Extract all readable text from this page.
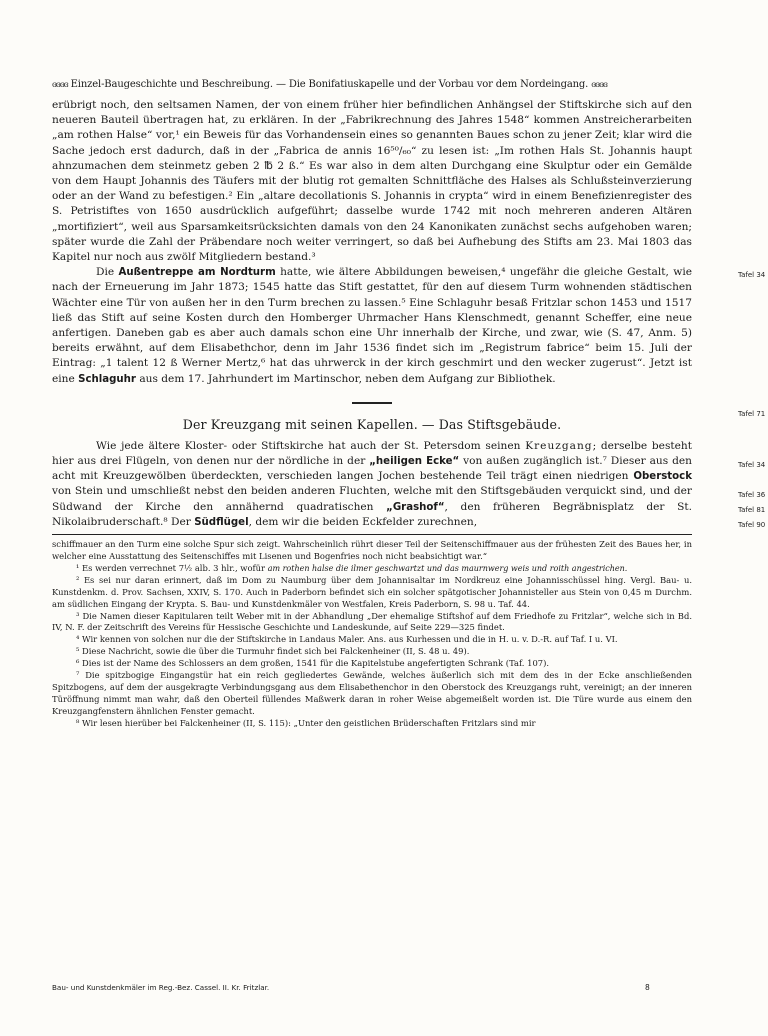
ɞɞɞɞ Einzel-Baugeschichte und Beschreibung. — Die Bonifatiuskapelle und der Vorbau vor dem Nordeingang. ɞɞɞɞ

erübrigt noch, den seltsamen Namen, der von einem früher hier befindlichen Anhängsel der Stiftskirche sich auf den neueren Bauteil übertragen hat, zu erklären. In der „Fabrikrechnung des Jahres 1548“ kommen Anstreicherarbeiten „am rothen Halse“ vor,¹ ein Beweis für das Vorhandensein eines so genannten Baues schon zu jener Zeit; klar wird die Sache jedoch erst dadurch, daß in der „Fabrica de annis 16⁵⁰/₆₀“ zu lesen ist: „Im rothen Hals St. Johannis haupt ahnzumachen dem steinmetz geben 2 ℔ 2 ß.“ Es war also in dem alten Durchgang eine Skulptur oder ein Gemälde von dem Haupt Johannis des Täufers mit der blutig rot gemalten Schnittfläche des Halses als Schlußsteinverzierung oder an der Wand zu befestigen.² Ein „altare decollationis S. Johannis in crypta“ wird in einem Benefizienregister des S. Petristiftes von 1650 ausdrücklich aufgeführt; dasselbe wurde 1742 mit noch mehreren anderen Altären „mortifiziert“, weil aus Sparsamkeitsrücksichten damals von den 24 Kanonikaten zunächst sechs aufgehoben waren; später wurde die Zahl der Präbendare noch weiter verringert, so daß bei Aufhebung des Stifts am 23. Mai 1803 das Kapitel nur noch aus zwölf Mitgliedern bestand.³

Tafel 34
Tafel 71
Die Außentreppe am Nordturm hatte, wie ältere Abbildungen beweisen,⁴ ungefähr die gleiche Gestalt, wie nach der Erneuerung im Jahr 1873; 1545 hatte das Stift gestattet, für den auf diesem Turm wohnenden städtischen Wächter eine Tür von außen her in den Turm brechen zu lassen.⁵ Eine Schlaguhr besaß Fritzlar schon 1453 und 1517 ließ das Stift auf seine Kosten durch den Homberger Uhrmacher Hans Klenschmedt, genannt Scheffer, eine neue anfertigen. Daneben gab es aber auch damals schon eine Uhr innerhalb der Kirche, und zwar, wie (S. 47, Anm. 5) bereits erwähnt, auf dem Elisabethchor, denn im Jahr 1536 findet sich im „Registrum fabrice“ beim 15. Juli der Eintrag: „1 talent 12 ß Werner Mertz,⁶ hat das uhrwerck in der kirch geschmirt und den wecker zugerust“. Jetzt ist eine Schlaguhr aus dem 17. Jahrhundert im Martinschor, neben dem Aufgang zur Bibliothek.

Der Kreuzgang mit seinen Kapellen. — Das Stiftsgebäude.

Tafel 34
Tafel 36
Tafel 81
Tafel 90
Wie jede ältere Kloster- oder Stiftskirche hat auch der St. Petersdom seinen Kreuzgang; derselbe besteht hier aus drei Flügeln, von denen nur der nördliche in der „heiligen Ecke“ von außen zugänglich ist.⁷ Dieser aus den acht mit Kreuzgewölben überdeckten, verschieden langen Jochen bestehende Teil trägt einen niedrigen Oberstock von Stein und umschließt nebst den beiden anderen Fluchten, welche mit den Stiftsgebäuden verquickt sind, und der Südwand der Kirche den annähernd quadratischen „Grashof“, den früheren Begräbnisplatz der St. Nikolaibruderschaft.⁸ Der Südflügel, dem wir die beiden Eckfelder zurechnen,

schiffmauer an den Turm eine solche Spur sich zeigt. Wahrscheinlich rührt dieser Teil der Seitenschiffmauer aus der frühesten Zeit des Baues her, in welcher eine Ausstattung des Seitenschiffes mit Lisenen und Bogenfries noch nicht beabsichtigt war.“

¹ Es werden verrechnet 7½ alb. 3 hlr., wofür am rothen halse die ilmer geschwartzt und das maurnwerg weis und roith angestrichen.

² Es sei nur daran erinnert, daß im Dom zu Naumburg über dem Johannisaltar im Nordkreuz eine Johannisschüssel hing. Vergl. Bau- u. Kunstdenkm. d. Prov. Sachsen, XXIV, S. 170. Auch in Paderborn befindet sich ein solcher spätgotischer Johannisteller aus Stein von 0,45 m Durchm. am südlichen Eingang der Krypta. S. Bau- und Kunstdenkmäler von Westfalen, Kreis Paderborn, S. 98 u. Taf. 44.

³ Die Namen dieser Kapitularen teilt Weber mit in der Abhandlung „Der ehemalige Stiftshof auf dem Friedhofe zu Fritzlar“, welche sich in Bd. IV, N. F. der Zeitschrift des Vereins für Hessische Geschichte und Landeskunde, auf Seite 229—325 findet.

⁴ Wir kennen von solchen nur die der Stiftskirche in Landaus Maler. Ans. aus Kurhessen und die in H. u. v. D.-R. auf Taf. I u. VI.

⁵ Diese Nachricht, sowie die über die Turmuhr findet sich bei Falckenheiner (II, S. 48 u. 49).

⁶ Dies ist der Name des Schlossers an dem großen, 1541 für die Kapitelstube angefertigten Schrank (Taf. 107).

⁷ Die spitzbogige Eingangstür hat ein reich gegliedertes Gewände, welches äußerlich sich mit dem des in der Ecke anschließenden Spitzbogens, auf dem der ausgekragte Verbindungsgang aus dem Elisabethenchor in den Oberstock des Kreuzgangs ruht, vereinigt; an der inneren Türöffnung nimmt man wahr, daß den Oberteil füllendes Maßwerk daran in roher Weise abgemeißelt worden ist. Die Türe wurde aus einem den Kreuzgangfenstern ähnlichen Fenster gemacht.

⁸ Wir lesen hierüber bei Falckenheiner (II, S. 115): „Unter den geistlichen Brüderschaften Fritzlars sind mir

Bau- und Kunstdenkmäler im Reg.-Bez. Cassel. II. Kr. Fritzlar.	8
